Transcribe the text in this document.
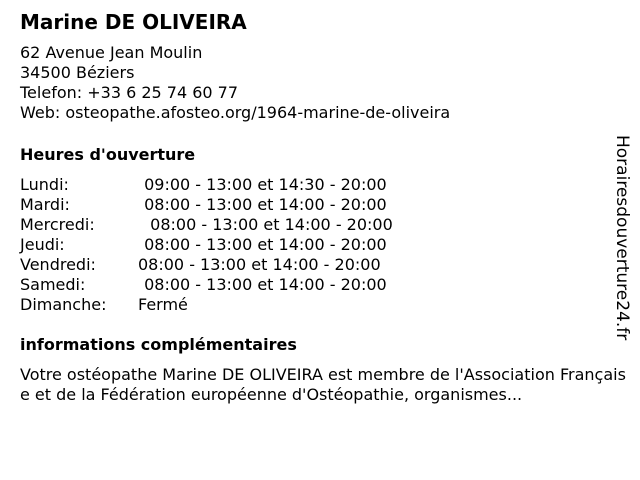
Marine DE OLIVEIRA
62 Avenue Jean Moulin
34500 Béziers
Telefon: +33 6 25 74 60 77
Web: osteopathe.afosteo.org/1964-marine-de-oliveira
Heures d'ouverture
Lundi:	09:00 - 13:00 et 14:30 - 20:00
Mardi:	08:00 - 13:00 et 14:00 - 20:00
Mercredi:	08:00 - 13:00 et 14:00 - 20:00
Jeudi:	08:00 - 13:00 et 14:00 - 20:00
Vendredi:	08:00 - 13:00 et 14:00 - 20:00
Samedi:	08:00 - 13:00 et 14:00 - 20:00
Dimanche: Fermé
informations complémentaires
Votre ostéopathe Marine DE OLIVEIRA est membre de l'Association Française et de la Fédération européenne d'Ostéopathie, organismes...
Horairesdouverture24.fr
